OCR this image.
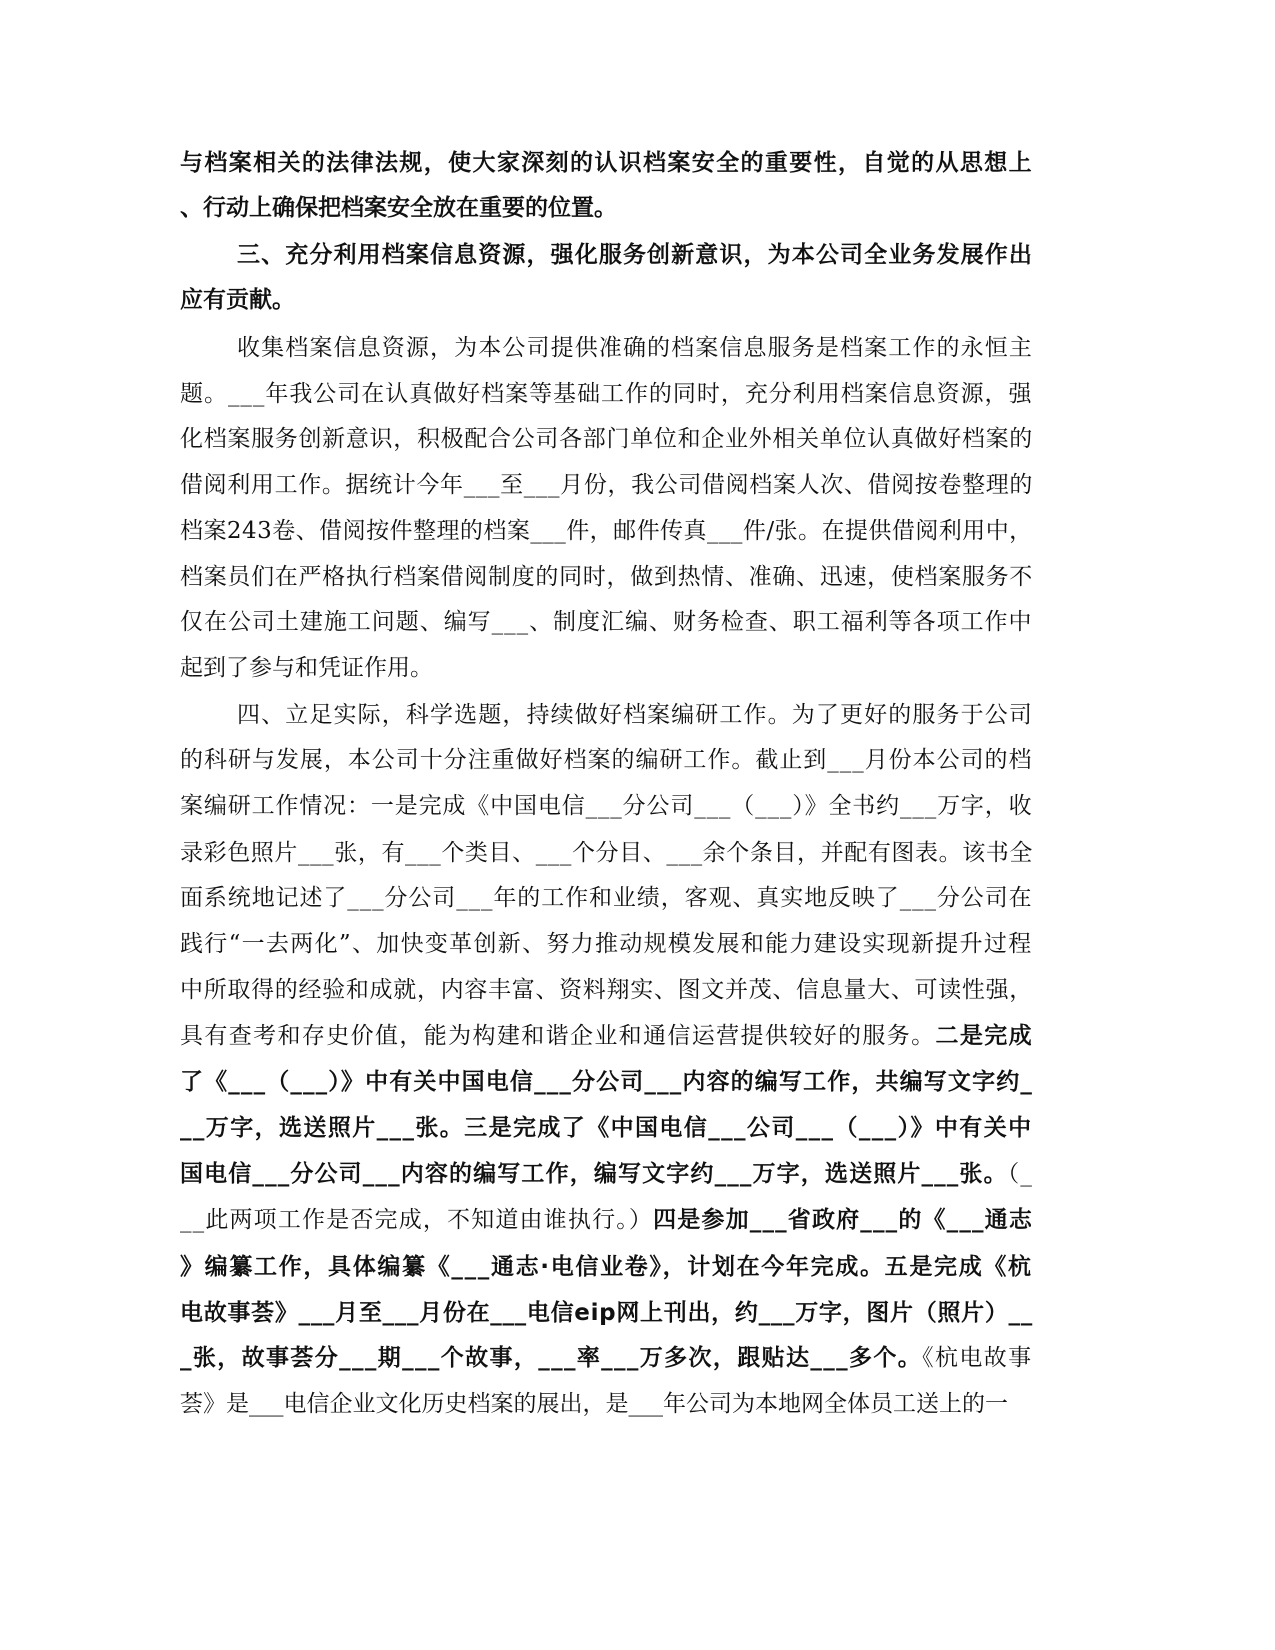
与档案相关的法律法规，使大家深刻的认识档案安全的重要性，自觉的从思想上
、行动上确保把档案安全放在重要的位置。
三、充分利用档案信息资源，强化服务创新意识，为本公司全业务发展作出
应有贡献。
收集档案信息资源，为本公司提供准确的档案信息服务是档案工作的永恒主
题。___年我公司在认真做好档案等基础工作的同时，充分利用档案信息资源，强
化档案服务创新意识，积极配合公司各部门单位和企业外相关单位认真做好档案的
借阅利用工作。据统计今年___至___月份，我公司借阅档案人次、借阅按卷整理的
档案243卷、借阅按件整理的档案___件，邮件传真___件/张。在提供借阅利用中，
档案员们在严格执行档案借阅制度的同时，做到热情、准确、迅速，使档案服务不
仅在公司土建施工问题、编写___、制度汇编、财务检查、职工福利等各项工作中
起到了参与和凭证作用。
四、立足实际，科学选题，持续做好档案编研工作。为了更好的服务于公司
的科研与发展，本公司十分注重做好档案的编研工作。截止到___月份本公司的档
案编研工作情况：一是完成《中国电信___分公司___（___）》全书约___万字，收
录彩色照片___张，有___个类目、___个分目、___余个条目，并配有图表。该书全
面系统地记述了___分公司___年的工作和业绩，客观、真实地反映了___分公司在
践行“一去两化”、加快变革创新、努力推动规模发展和能力建设实现新提升过程
中所取得的经验和成就，内容丰富、资料翔实、图文并茂、信息量大、可读性强，
具有查考和存史价值，能为构建和谐企业和通信运营提供较好的服务。二是完成
了《___（___）》中有关中国电信___分公司___内容的编写工作，共编写文字约_
__万字，选送照片___张。三是完成了《中国电信___公司___（___）》中有关中
国电信___分公司___内容的编写工作，编写文字约___万字，选送照片___张。（_
__此两项工作是否完成，不知道由谁执行。）四是参加___省政府___的《___通志
》编纂工作，具体编纂《___通志·电信业卷》，计划在今年完成。五是完成《杭
电故事荟》___月至___月份在___电信eip网上刊出，约___万字，图片（照片）__
_张，故事荟分___期___个故事，___率___万多次，跟贴达___多个。《杭电故事
荟》是___电信企业文化历史档案的展出，是___年公司为本地网全体员工送上的一
